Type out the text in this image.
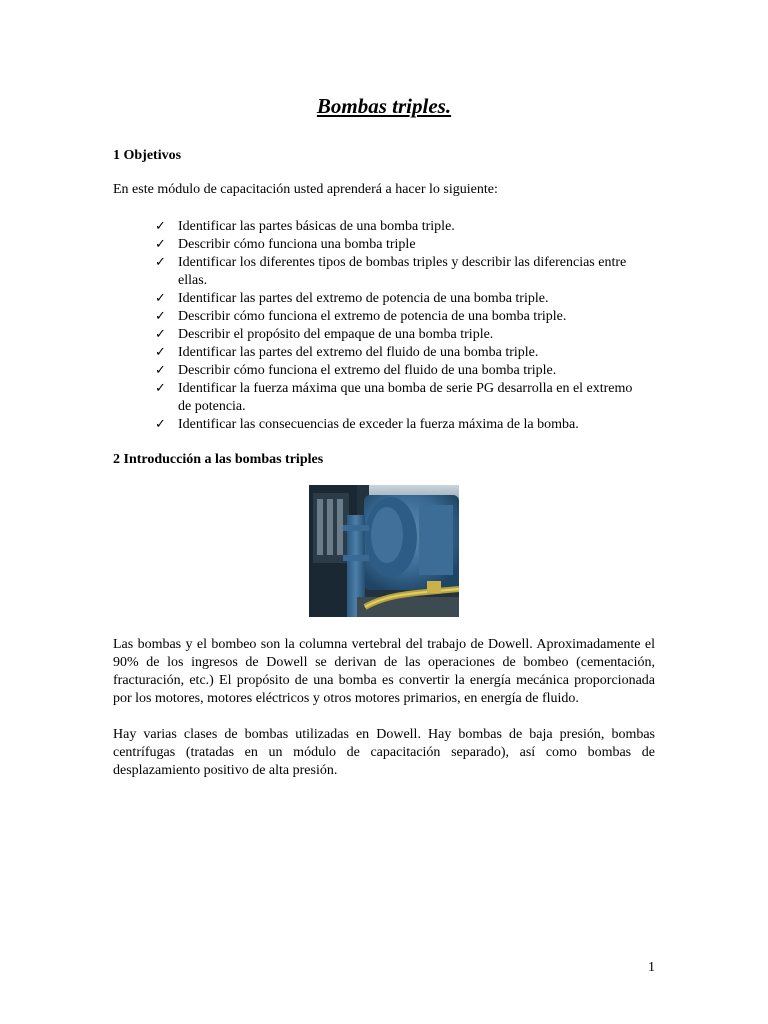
Bombas triples.
1 Objetivos

En este módulo de capacitación usted aprenderá a hacer lo siguiente:

✓ Identificar las partes básicas de una bomba triple.
✓ Describir cómo funciona una bomba triple
✓ Identificar los diferentes tipos de bombas triples y describir las diferencias entre ellas.
✓ Identificar las partes del extremo de potencia de una bomba triple.
✓ Describir cómo funciona el extremo de potencia de una bomba triple.
✓ Describir el propósito del empaque de una bomba triple.
✓ Identificar las partes del extremo del fluido de una bomba triple.
✓ Describir cómo funciona el extremo del fluido de una bomba triple.
✓ Identificar la fuerza máxima que una bomba de serie PG desarrolla en el extremo de potencia.
✓ Identificar las consecuencias de exceder la fuerza máxima de la bomba.
2 Introducción a las bombas triples

Las bombas y el bombeo son la columna vertebral del trabajo de Dowell. Aproximadamente el 90% de los ingresos de Dowell se derivan de las operaciones de bombeo (cementación, fracturación, etc.) El propósito de una bomba es convertir la energía mecánica proporcionada por los motores, motores eléctricos y otros motores primarios, en energía de fluido.

Hay varias clases de bombas utilizadas en Dowell. Hay bombas de baja presión, bombas centrífugas (tratadas en un módulo de capacitación separado), así como bombas de desplazamiento positivo de alta presión.

1
